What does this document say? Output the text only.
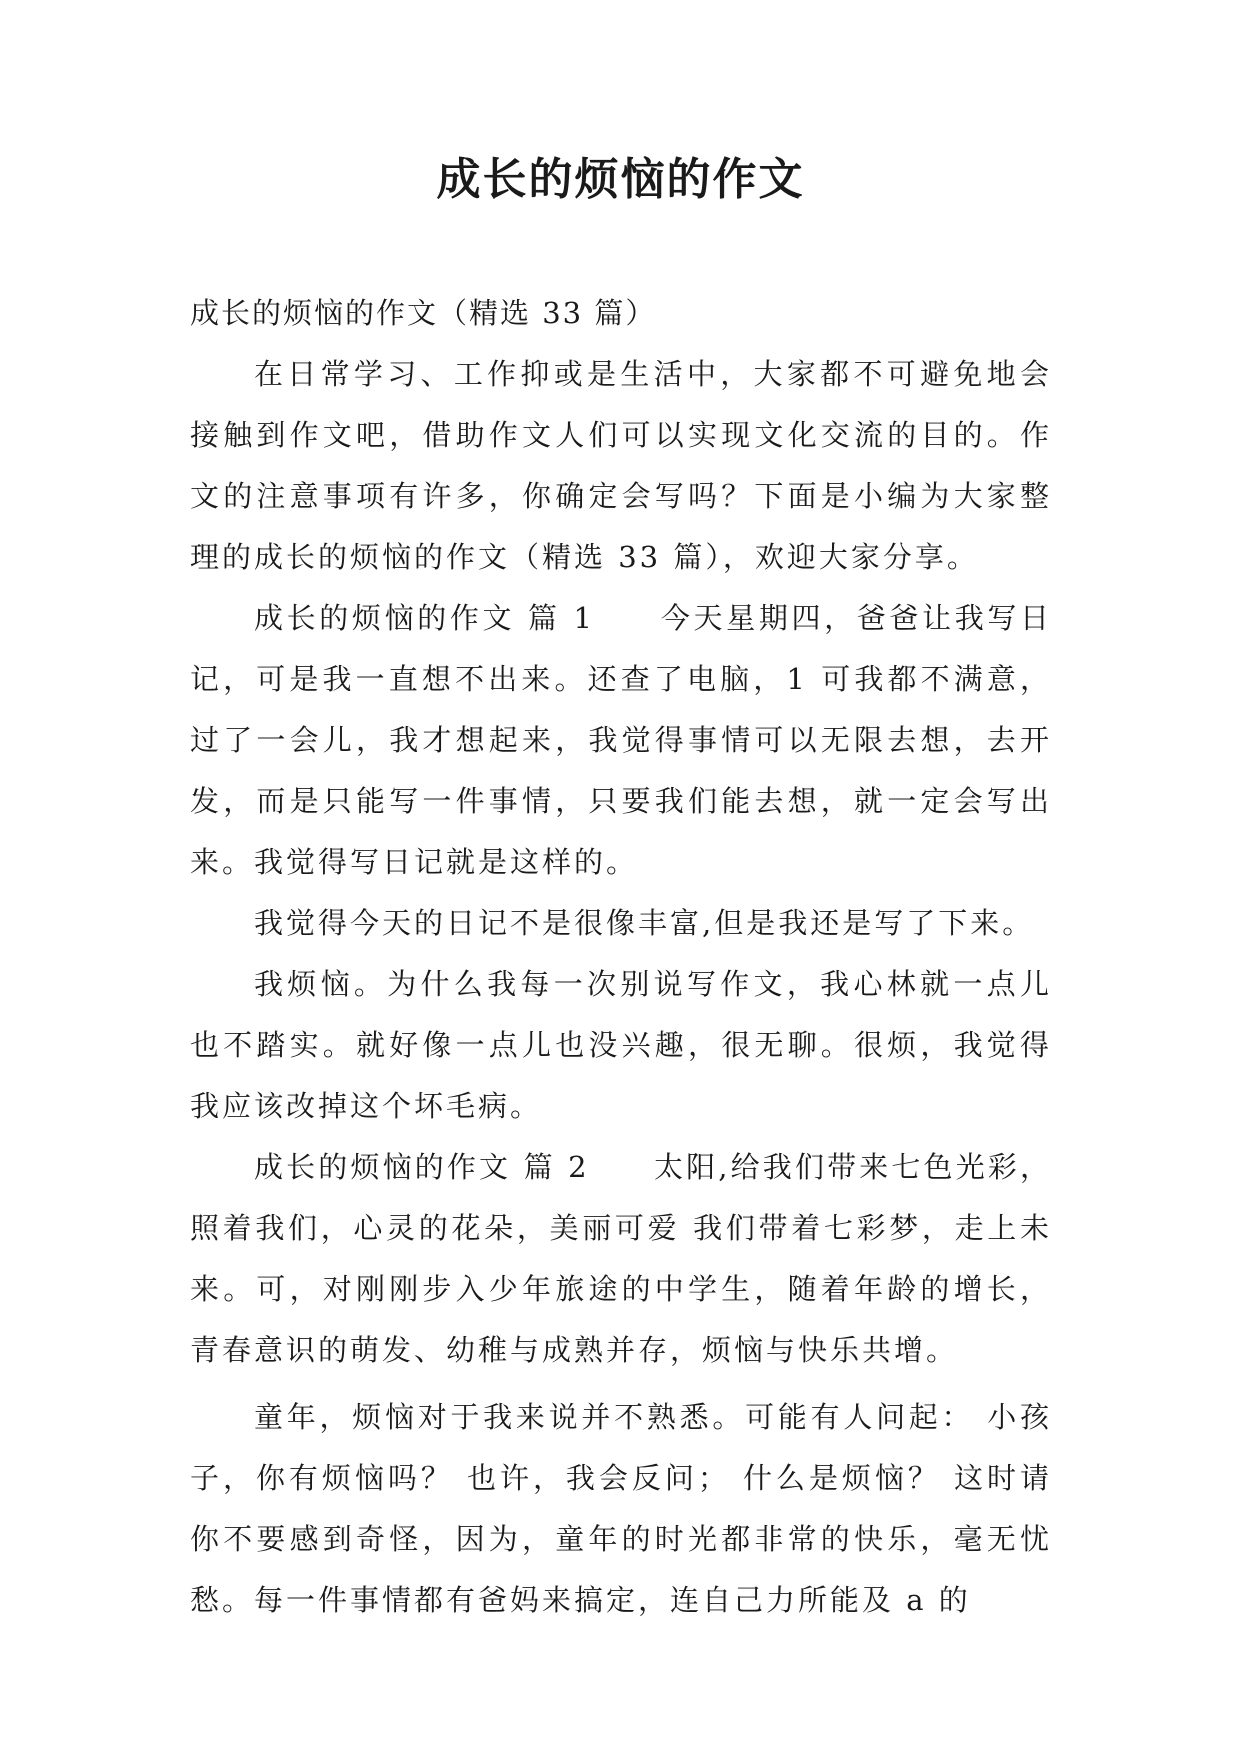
成长的烦恼的作文

成长的烦恼的作文（精选 33 篇）

在日常学习、工作抑或是生活中，大家都不可避免地会接触到作文吧，借助作文人们可以实现文化交流的目的。作文的注意事项有许多，你确定会写吗？下面是小编为大家整理的成长的烦恼的作文（精选 33 篇），欢迎大家分享。

成长的烦恼的作文 篇 1　　今天星期四，爸爸让我写日记，可是我一直想不出来。还查了电脑，1 可我都不满意，过了一会儿，我才想起来，我觉得事情可以无限去想，去开发，而是只能写一件事情，只要我们能去想，就一定会写出来。我觉得写日记就是这样的。

我觉得今天的日记不是很像丰富,但是我还是写了下来。

我烦恼。为什么我每一次别说写作文，我心林就一点儿也不踏实。就好像一点儿也没兴趣，很无聊。很烦，我觉得我应该改掉这个坏毛病。

成长的烦恼的作文 篇 2　　太阳,给我们带来七色光彩，照着我们，心灵的花朵，美丽可爱 我们带着七彩梦，走上未来。可，对刚刚步入少年旅途的中学生，随着年龄的增长，青春意识的萌发、幼稚与成熟并存，烦恼与快乐共增。

童年，烦恼对于我来说并不熟悉。可能有人问起： 小孩子，你有烦恼吗？ 也许，我会反问； 什么是烦恼？ 这时请你不要感到奇怪，因为，童年的时光都非常的快乐，毫无忧愁。每一件事情都有爸妈来搞定，连自己力所能及 a 的
